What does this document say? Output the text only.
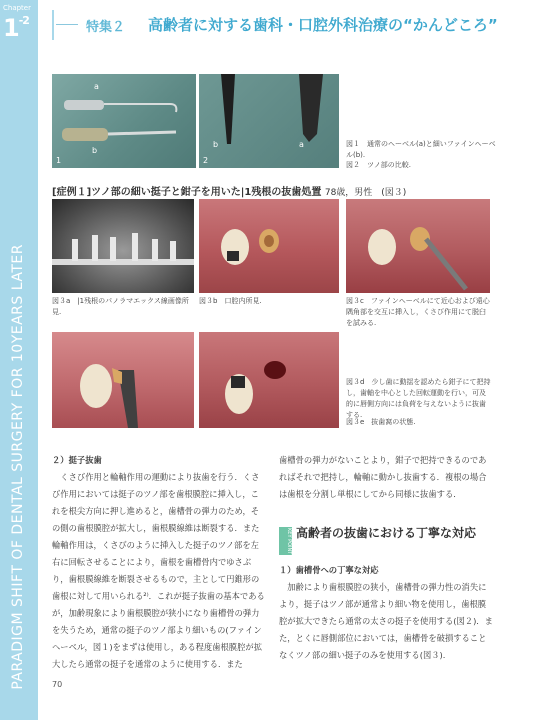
Chapter
$1^{-2}$
PARADIGM SHIFT OF DENTAL SURGERY FOR 10YEARS LATER
特集２ 高齢者に対する歯科・口腔外科治療の“かんどころ”
a
b
1
b	a
2
図１　通常のヘーベル(a)と細いファインヘーベル(b).
図２　ツノ部の比較.
[症例１]ツノ部の細い挺子と鉗子を用いた|1残根の抜歯処置 78歳，男性　(図３)
図３a　|1残根のパノラマエックス線画像所見.
図３b　口腔内所見.	図３c　ファインヘーベルにて近心および遠心隅角部を交互に挿入し，くさび作用にて脱臼を試みる.
図３d　少し歯に動揺を認めたら鉗子にて把持し，歯軸を中心とした回転運動を行い，可及的に唇側方向には負荷を与えないように抜歯する.
図３e　抜歯窩の状態.
２）挺子抜歯
くさび作用と輪軸作用の運動により抜歯を行う．くさび作用においては挺子のツノ部を歯根膜腔に挿入し，これを根尖方向に押し進めると，歯槽骨の弾力のため，その側の歯根膜腔が拡大し，歯根膜線維は断裂する．また輪軸作用は，くさびのように挿入した挺子のツノ部を左右に回転させることにより，歯根を歯槽骨内でゆさぶり，歯根膜線維を断裂させるもので，主として円錐形の歯根に対して用いられる²⁾．これが挺子抜歯の基本であるが，加齢現象により歯根膜腔が狭小になり歯槽骨の弾力を失うため，通常の挺子のツノ部より細いもの(ファインヘーベル，図１)をまずは使用し，ある程度歯根膜腔が拡大したら通常の挺子を通常のように使用する．また
歯槽骨の弾力がないことより，鉗子で把持できるのであればそれで把持し，輪軸に動かし抜歯する．複根の場合は歯根を分割し単根にしてから同様に抜歯する．
KEY POINT 高齢者の抜歯における丁寧な対応
１）歯槽骨への丁寧な対応
加齢により歯根膜腔の狭小，歯槽骨の弾力性の消失により，挺子はツノ部が通常より細い物を使用し，歯根膜腔が拡大できたら通常の太さの挺子を使用する(図２)．また，とくに唇側部位においては，歯槽骨を破損することなくツノ部の細い挺子のみを使用する(図３).
70
